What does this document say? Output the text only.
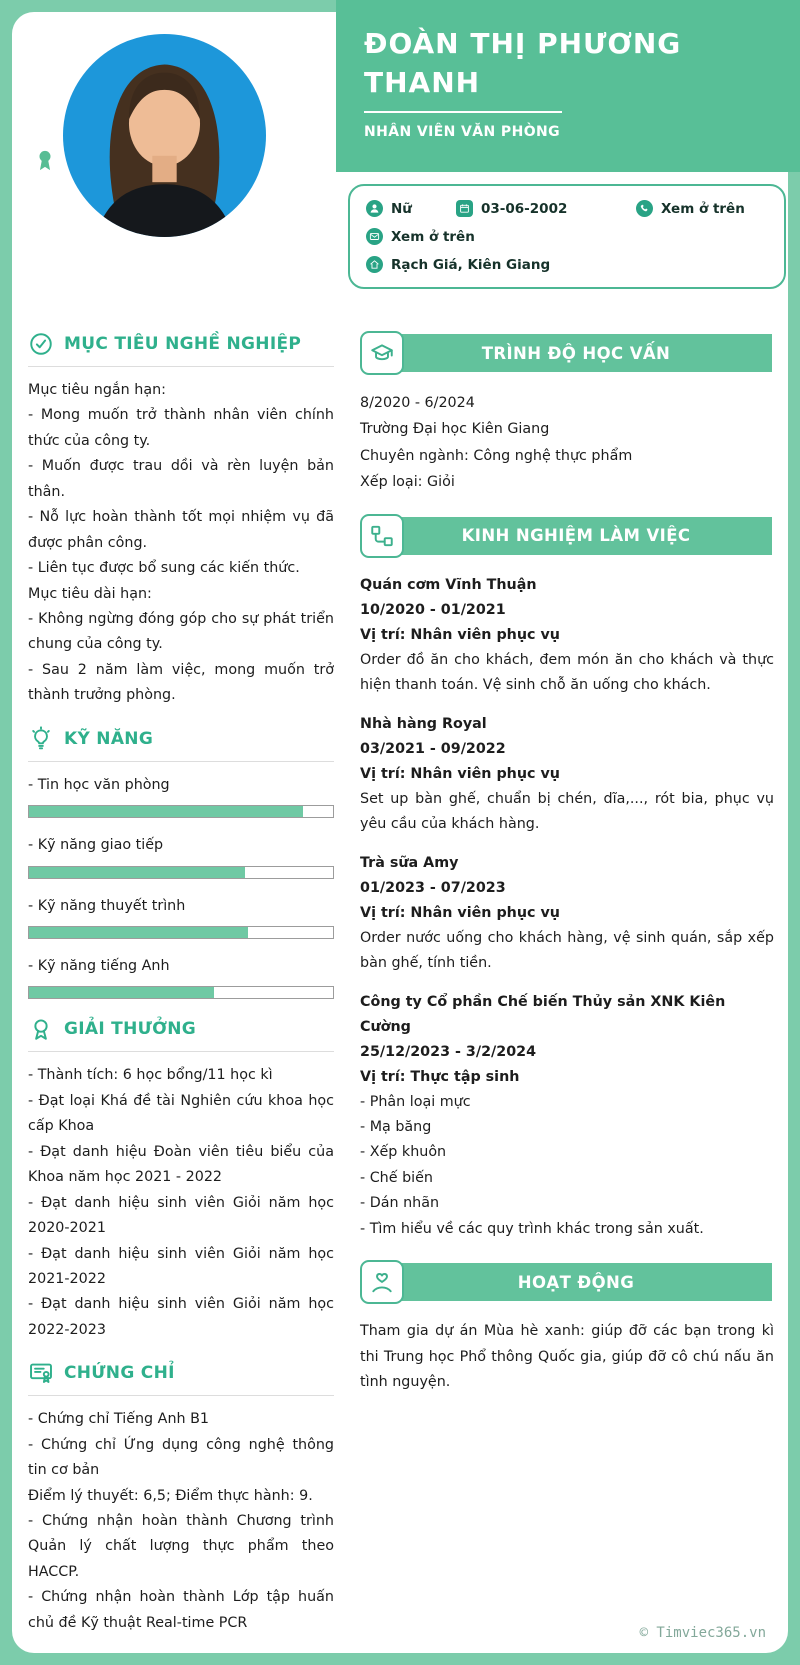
ĐOÀN THỊ PHƯƠNG THANH
NHÂN VIÊN VĂN PHÒNG
Nữ	03-06-2002	Xem ở trên
Xem ở trên
Rạch Giá, Kiên Giang
MỤC TIÊU NGHỀ NGHIỆP

Mục tiêu ngắn hạn:

- Mong muốn trở thành nhân viên chính thức của công ty.

- Muốn được trau dồi và rèn luyện bản thân.

- Nỗ lực hoàn thành tốt mọi nhiệm vụ đã được phân công.

- Liên tục được bổ sung các kiến thức.

Mục tiêu dài hạn:

- Không ngừng đóng góp cho sự phát triển chung của công ty.

- Sau 2 năm làm việc, mong muốn trở thành trưởng phòng.

KỸ NĂNG

- Tin học văn phòng

- Kỹ năng giao tiếp

- Kỹ năng thuyết trình

- Kỹ năng tiếng Anh

GIẢI THƯỞNG

- Thành tích: 6 học bổng/11 học kì

- Đạt loại Khá đề tài Nghiên cứu khoa học cấp Khoa

- Đạt danh hiệu Đoàn viên tiêu biểu của Khoa năm học 2021 - 2022

- Đạt danh hiệu sinh viên Giỏi năm học 2020-2021

- Đạt danh hiệu sinh viên Giỏi năm học 2021-2022

- Đạt danh hiệu sinh viên Giỏi năm học 2022-2023

CHỨNG CHỈ

- Chứng chỉ Tiếng Anh B1

- Chứng chỉ Ứng dụng công nghệ thông tin cơ bản

Điểm lý thuyết: 6,5; Điểm thực hành: 9.

- Chứng nhận hoàn thành Chương trình Quản lý chất lượng thực phẩm theo HACCP.

- Chứng nhận hoàn thành Lớp tập huấn chủ đề Kỹ thuật Real-time PCR

TRÌNH ĐỘ HỌC VẤN

8/2020 - 6/2024

Trường Đại học Kiên Giang

Chuyên ngành: Công nghệ thực phẩm

Xếp loại: Giỏi

KINH NGHIỆM LÀM VIỆC

Quán cơm Vĩnh Thuận

10/2020 - 01/2021

Vị trí: Nhân viên phục vụ

Order đồ ăn cho khách, đem món ăn cho khách và thực hiện thanh toán. Vệ sinh chỗ ăn uống cho khách.

Nhà hàng Royal

03/2021 - 09/2022

Vị trí: Nhân viên phục vụ

Set up bàn ghế, chuẩn bị chén, dĩa,..., rót bia, phục vụ yêu cầu của khách hàng.

Trà sữa Amy

01/2023 - 07/2023

Vị trí: Nhân viên phục vụ

Order nước uống cho khách hàng, vệ sinh quán, sắp xếp bàn ghế, tính tiền.

Công ty Cổ phần Chế biến Thủy sản XNK Kiên Cường

25/12/2023 - 3/2/2024

Vị trí: Thực tập sinh

- Phân loại mực

- Mạ băng

- Xếp khuôn

- Chế biến

- Dán nhãn

- Tìm hiểu về các quy trình khác trong sản xuất.

HOẠT ĐỘNG

Tham gia dự án Mùa hè xanh: giúp đỡ các bạn trong kì thi Trung học Phổ thông Quốc gia, giúp đỡ cô chú nấu ăn tình nguyện.

© Timviec365.vn
